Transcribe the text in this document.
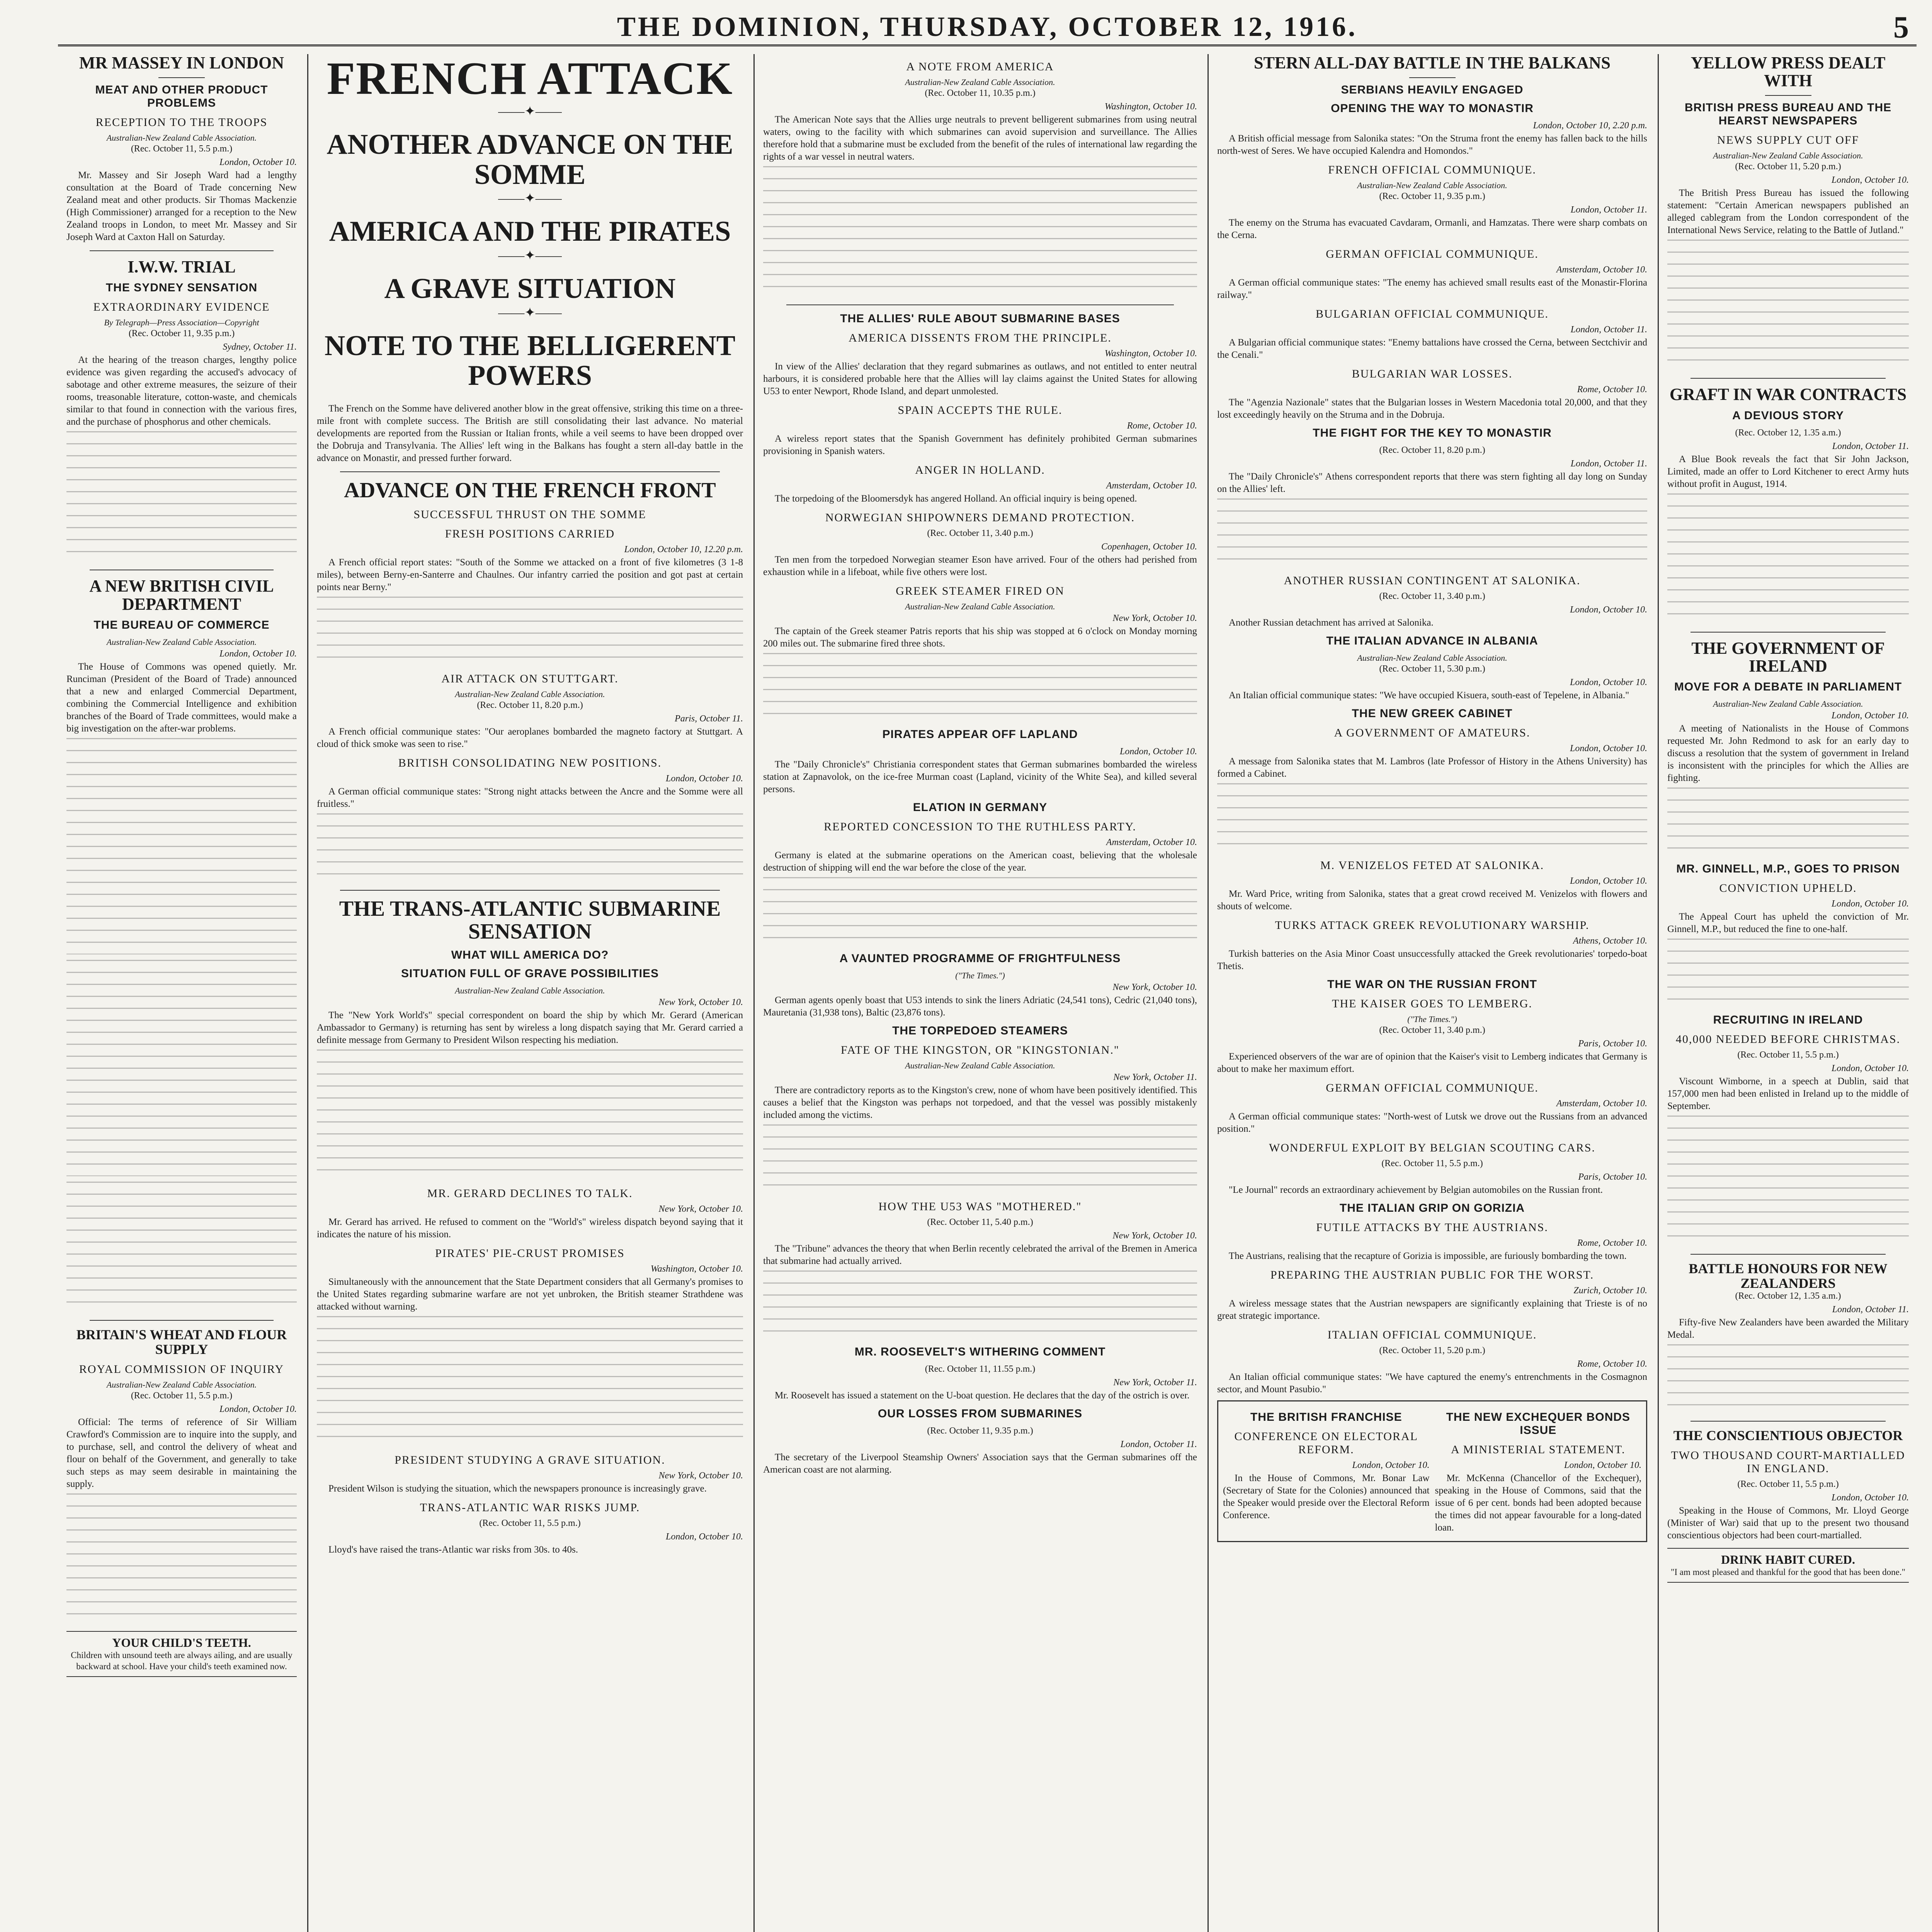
THE DOMINION, THURSDAY, OCTOBER 12, 1916.	5
MR MASSEY IN LONDON
MEAT AND OTHER PRODUCT PROBLEMS
RECEPTION TO THE TROOPS
Australian-New Zealand Cable Association.
(Rec. October 11, 5.5 p.m.)
London, October 10.

Mr. Massey and Sir Joseph Ward had a lengthy consultation at the Board of Trade concerning New Zealand meat and other products. Sir Thomas Mackenzie (High Commissioner) arranged for a reception to the New Zealand troops in London, to meet Mr. Massey and Sir Joseph Ward at Caxton Hall on Saturday.

I.W.W. TRIAL
THE SYDNEY SENSATION
EXTRAORDINARY EVIDENCE
By Telegraph—Press Association—Copyright
(Rec. October 11, 9.35 p.m.)
Sydney, October 11.

At the hearing of the treason charges, lengthy police evidence was given regarding the accused's advocacy of sabotage and other extreme measures, the seizure of their rooms, treasonable literature, cotton-waste, and chemicals similar to that found in connection with the various fires, and the purchase of phosphorus and other chemicals.

A NEW BRITISH CIVIL DEPARTMENT
THE BUREAU OF COMMERCE
Australian-New Zealand Cable Association.
London, October 10.

The House of Commons was opened quietly. Mr. Runciman (President of the Board of Trade) announced that a new and enlarged Commercial Department, combining the Commercial Intelligence and exhibition branches of the Board of Trade committees, would make a big investigation on the after-war problems.

BRITAIN'S WHEAT AND FLOUR SUPPLY
ROYAL COMMISSION OF INQUIRY
Australian-New Zealand Cable Association.
(Rec. October 11, 5.5 p.m.)
London, October 10.

Official: The terms of reference of Sir William Crawford's Commission are to inquire into the supply, and to purchase, sell, and control the delivery of wheat and flour on behalf of the Government, and generally to take such steps as may seem desirable in maintaining the supply.

YOUR CHILD'S TEETH.
Children with unsound teeth are always ailing, and are usually backward at school. Have your child's teeth examined now.
FRENCH ATTACK
——✦——
ANOTHER ADVANCE ON THE SOMME
——✦——
AMERICA AND THE PIRATES
——✦——
A GRAVE SITUATION
——✦——
NOTE TO THE BELLIGERENT POWERS

The French on the Somme have delivered another blow in the great offensive, striking this time on a three-mile front with complete success. The British are still consolidating their last advance. No material developments are reported from the Russian or Italian fronts, while a veil seems to have been dropped over the Dobruja and Transylvania. The Allies' left wing in the Balkans has fought a stern all-day battle in the advance on Monastir, and pressed further forward.

ADVANCE ON THE FRENCH FRONT
SUCCESSFUL THRUST ON THE SOMME
FRESH POSITIONS CARRIED
London, October 10, 12.20 p.m.

A French official report states: "South of the Somme we attacked on a front of five kilometres (3 1-8 miles), between Berny-en-Santerre and Chaulnes. Our infantry carried the position and got past at certain points near Berny."

AIR ATTACK ON STUTTGART.
Australian-New Zealand Cable Association.
(Rec. October 11, 8.20 p.m.)
Paris, October 11.

A French official communique states: "Our aeroplanes bombarded the magneto factory at Stuttgart. A cloud of thick smoke was seen to rise."

BRITISH CONSOLIDATING NEW POSITIONS.
London, October 10.

A German official communique states: "Strong night attacks between the Ancre and the Somme were all fruitless."

THE TRANS-ATLANTIC SUBMARINE SENSATION
WHAT WILL AMERICA DO?
SITUATION FULL OF GRAVE POSSIBILITIES
Australian-New Zealand Cable Association.
New York, October 10.

The "New York World's" special correspondent on board the ship by which Mr. Gerard (American Ambassador to Germany) is returning has sent by wireless a long dispatch saying that Mr. Gerard carried a definite message from Germany to President Wilson respecting his mediation.

MR. GERARD DECLINES TO TALK.
New York, October 10.

Mr. Gerard has arrived. He refused to comment on the "World's" wireless dispatch beyond saying that it indicates the nature of his mission.

PIRATES' PIE-CRUST PROMISES
Washington, October 10.

Simultaneously with the announcement that the State Department considers that all Germany's promises to the United States regarding submarine warfare are not yet unbroken, the British steamer Strathdene was attacked without warning.

PRESIDENT STUDYING A GRAVE SITUATION.
New York, October 10.

President Wilson is studying the situation, which the newspapers pronounce is increasingly grave.

TRANS-ATLANTIC WAR RISKS JUMP.
(Rec. October 11, 5.5 p.m.)
London, October 10.

Lloyd's have raised the trans-Atlantic war risks from 30s. to 40s.

A NOTE FROM AMERICA
Australian-New Zealand Cable Association.
(Rec. October 11, 10.35 p.m.)
Washington, October 10.

The American Note says that the Allies urge neutrals to prevent belligerent submarines from using neutral waters, owing to the facility with which submarines can avoid supervision and surveillance. The Allies therefore hold that a submarine must be excluded from the benefit of the rules of international law regarding the rights of a war vessel in neutral waters.

THE ALLIES' RULE ABOUT SUBMARINE BASES
AMERICA DISSENTS FROM THE PRINCIPLE.
Washington, October 10.

In view of the Allies' declaration that they regard submarines as outlaws, and not entitled to enter neutral harbours, it is considered probable here that the Allies will lay claims against the United States for allowing U53 to enter Newport, Rhode Island, and depart unmolested.

SPAIN ACCEPTS THE RULE.
Rome, October 10.

A wireless report states that the Spanish Government has definitely prohibited German submarines provisioning in Spanish waters.

ANGER IN HOLLAND.
Amsterdam, October 10.

The torpedoing of the Bloomersdyk has angered Holland. An official inquiry is being opened.

NORWEGIAN SHIPOWNERS DEMAND PROTECTION.
(Rec. October 11, 3.40 p.m.)
Copenhagen, October 10.

Ten men from the torpedoed Norwegian steamer Eson have arrived. Four of the others had perished from exhaustion while in a lifeboat, while five others were lost.

GREEK STEAMER FIRED ON
Australian-New Zealand Cable Association.
New York, October 10.

The captain of the Greek steamer Patris reports that his ship was stopped at 6 o'clock on Monday morning 200 miles out. The submarine fired three shots.

PIRATES APPEAR OFF LAPLAND
London, October 10.

The "Daily Chronicle's" Christiania correspondent states that German submarines bombarded the wireless station at Zapnavolok, on the ice-free Murman coast (Lapland, vicinity of the White Sea), and killed several persons.

ELATION IN GERMANY
REPORTED CONCESSION TO THE RUTHLESS PARTY.
Amsterdam, October 10.

Germany is elated at the submarine operations on the American coast, believing that the wholesale destruction of shipping will end the war before the close of the year.

A VAUNTED PROGRAMME OF FRIGHTFULNESS
("The Times.")
New York, October 10.

German agents openly boast that U53 intends to sink the liners Adriatic (24,541 tons), Cedric (21,040 tons), Mauretania (31,938 tons), Baltic (23,876 tons).

THE TORPEDOED STEAMERS
FATE OF THE KINGSTON, OR "KINGSTONIAN."
Australian-New Zealand Cable Association.
New York, October 11.

There are contradictory reports as to the Kingston's crew, none of whom have been positively identified. This causes a belief that the Kingston was perhaps not torpedoed, and that the vessel was possibly mistakenly included among the victims.

HOW THE U53 WAS "MOTHERED."
(Rec. October 11, 5.40 p.m.)
New York, October 10.

The "Tribune" advances the theory that when Berlin recently celebrated the arrival of the Bremen in America that submarine had actually arrived.

MR. ROOSEVELT'S WITHERING COMMENT
(Rec. October 11, 11.55 p.m.)
New York, October 11.

Mr. Roosevelt has issued a statement on the U-boat question. He declares that the day of the ostrich is over.

OUR LOSSES FROM SUBMARINES
(Rec. October 11, 9.35 p.m.)
London, October 11.

The secretary of the Liverpool Steamship Owners' Association says that the German submarines off the American coast are not alarming.

STERN ALL-DAY BATTLE IN THE BALKANS
SERBIANS HEAVILY ENGAGED
OPENING THE WAY TO MONASTIR
London, October 10, 2.20 p.m.

A British official message from Salonika states: "On the Struma front the enemy has fallen back to the hills north-west of Seres. We have occupied Kalendra and Homondos."

FRENCH OFFICIAL COMMUNIQUE.
Australian-New Zealand Cable Association.
(Rec. October 11, 9.35 p.m.)
London, October 11.

The enemy on the Struma has evacuated Cavdaram, Ormanli, and Hamzatas. There were sharp combats on the Cerna.

GERMAN OFFICIAL COMMUNIQUE.
Amsterdam, October 10.

A German official communique states: "The enemy has achieved small results east of the Monastir-Florina railway."

BULGARIAN OFFICIAL COMMUNIQUE.
London, October 11.

A Bulgarian official communique states: "Enemy battalions have crossed the Cerna, between Sectchivir and the Cenali."

BULGARIAN WAR LOSSES.
Rome, October 10.

The "Agenzia Nazionale" states that the Bulgarian losses in Western Macedonia total 20,000, and that they lost exceedingly heavily on the Struma and in the Dobruja.

THE FIGHT FOR THE KEY TO MONASTIR
(Rec. October 11, 8.20 p.m.)
London, October 11.

The "Daily Chronicle's" Athens correspondent reports that there was stern fighting all day long on Sunday on the Allies' left.

ANOTHER RUSSIAN CONTINGENT AT SALONIKA.
(Rec. October 11, 3.40 p.m.)
London, October 10.

Another Russian detachment has arrived at Salonika.

THE ITALIAN ADVANCE IN ALBANIA
Australian-New Zealand Cable Association.
(Rec. October 11, 5.30 p.m.)
London, October 10.

An Italian official communique states: "We have occupied Kisuera, south-east of Tepelene, in Albania."

THE NEW GREEK CABINET
A GOVERNMENT OF AMATEURS.
London, October 10.

A message from Salonika states that M. Lambros (late Professor of History in the Athens University) has formed a Cabinet.

M. VENIZELOS FETED AT SALONIKA.
London, October 10.

Mr. Ward Price, writing from Salonika, states that a great crowd received M. Venizelos with flowers and shouts of welcome.

TURKS ATTACK GREEK REVOLUTIONARY WARSHIP.
Athens, October 10.

Turkish batteries on the Asia Minor Coast unsuccessfully attacked the Greek revolutionaries' torpedo-boat Thetis.

THE WAR ON THE RUSSIAN FRONT
THE KAISER GOES TO LEMBERG.
("The Times.")
(Rec. October 11, 3.40 p.m.)
Paris, October 10.

Experienced observers of the war are of opinion that the Kaiser's visit to Lemberg indicates that Germany is about to make her maximum effort.

GERMAN OFFICIAL COMMUNIQUE.
Amsterdam, October 10.

A German official communique states: "North-west of Lutsk we drove out the Russians from an advanced position."

WONDERFUL EXPLOIT BY BELGIAN SCOUTING CARS.
(Rec. October 11, 5.5 p.m.)
Paris, October 10.

"Le Journal" records an extraordinary achievement by Belgian automobiles on the Russian front.

THE ITALIAN GRIP ON GORIZIA
FUTILE ATTACKS BY THE AUSTRIANS.
Rome, October 10.

The Austrians, realising that the recapture of Gorizia is impossible, are furiously bombarding the town.

PREPARING THE AUSTRIAN PUBLIC FOR THE WORST.
Zurich, October 10.

A wireless message states that the Austrian newspapers are significantly explaining that Trieste is of no great strategic importance.

ITALIAN OFFICIAL COMMUNIQUE.
(Rec. October 11, 5.20 p.m.)
Rome, October 10.

An Italian official communique states: "We have captured the enemy's entrenchments in the Cosmagnon sector, and Mount Pasubio."

THE BRITISH FRANCHISE
CONFERENCE ON ELECTORAL REFORM.
London, October 10.

In the House of Commons, Mr. Bonar Law (Secretary of State for the Colonies) announced that the Speaker would preside over the Electoral Reform Conference.

THE NEW EXCHEQUER BONDS ISSUE
A MINISTERIAL STATEMENT.
London, October 10.

Mr. McKenna (Chancellor of the Exchequer), speaking in the House of Commons, said that the issue of 6 per cent. bonds had been adopted because the times did not appear favourable for a long-dated loan.

YELLOW PRESS DEALT WITH
BRITISH PRESS BUREAU AND THE HEARST NEWSPAPERS
NEWS SUPPLY CUT OFF
Australian-New Zealand Cable Association.
(Rec. October 11, 5.20 p.m.)
London, October 10.

The British Press Bureau has issued the following statement: "Certain American newspapers published an alleged cablegram from the London correspondent of the International News Service, relating to the Battle of Jutland."

GRAFT IN WAR CONTRACTS
A DEVIOUS STORY
(Rec. October 12, 1.35 a.m.)
London, October 11.

A Blue Book reveals the fact that Sir John Jackson, Limited, made an offer to Lord Kitchener to erect Army huts without profit in August, 1914.

THE GOVERNMENT OF IRELAND
MOVE FOR A DEBATE IN PARLIAMENT
Australian-New Zealand Cable Association.
London, October 10.

A meeting of Nationalists in the House of Commons requested Mr. John Redmond to ask for an early day to discuss a resolution that the system of government in Ireland is inconsistent with the principles for which the Allies are fighting.

MR. GINNELL, M.P., GOES TO PRISON
CONVICTION UPHELD.
London, October 10.

The Appeal Court has upheld the conviction of Mr. Ginnell, M.P., but reduced the fine to one-half.

RECRUITING IN IRELAND
40,000 NEEDED BEFORE CHRISTMAS.
(Rec. October 11, 5.5 p.m.)
London, October 10.

Viscount Wimborne, in a speech at Dublin, said that 157,000 men had been enlisted in Ireland up to the middle of September.

BATTLE HONOURS FOR NEW ZEALANDERS
(Rec. October 12, 1.35 a.m.)
London, October 11.

Fifty-five New Zealanders have been awarded the Military Medal.

THE CONSCIENTIOUS OBJECTOR
TWO THOUSAND COURT-MARTIALLED IN ENGLAND.
(Rec. October 11, 5.5 p.m.)
London, October 10.

Speaking in the House of Commons, Mr. Lloyd George (Minister of War) said that up to the present two thousand conscientious objectors had been court-martialled.

DRINK HABIT CURED.
"I am most pleased and thankful for the good that has been done."
